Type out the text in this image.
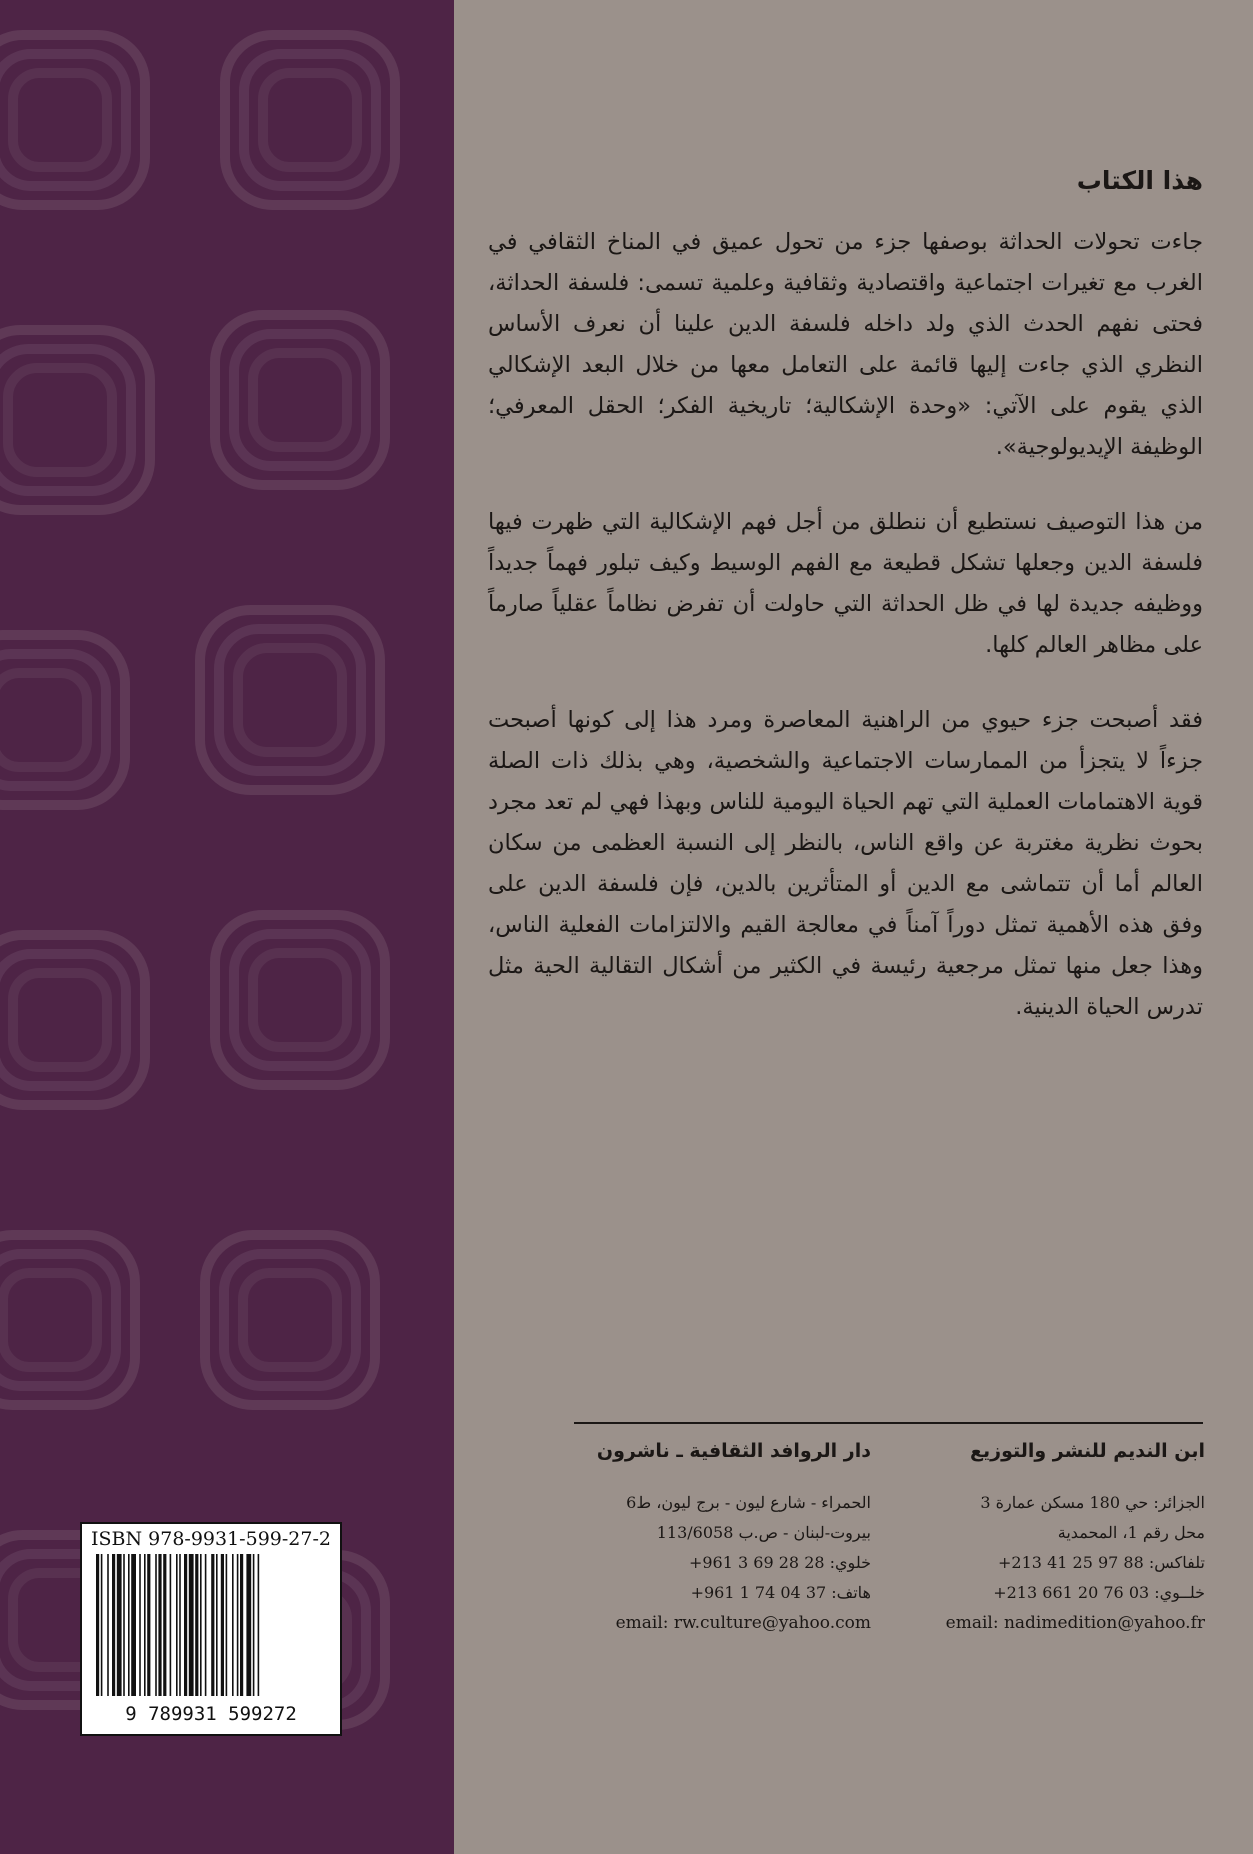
هذا الكتاب

جاءت تحولات الحداثة بوصفها جزء من تحول عميق في المناخ الثقافي في الغرب مع تغيرات اجتماعية واقتصادية وثقافية وعلمية تسمى: فلسفة الحداثة، فحتى نفهم الحدث الذي ولد داخله فلسفة الدين علينا أن نعرف الأساس النظري الذي جاءت إليها قائمة على التعامل معها من خلال البعد الإشكالي الذي يقوم على الآتي: «وحدة الإشكالية؛ تاريخية الفكر؛ الحقل المعرفي؛ الوظيفة الإيديولوجية».

من هذا التوصيف نستطيع أن ننطلق من أجل فهم الإشكالية التي ظهرت فيها فلسفة الدين وجعلها تشكل قطيعة مع الفهم الوسيط وكيف تبلور فهماً جديداً ووظيفه جديدة لها في ظل الحداثة التي حاولت أن تفرض نظاماً عقلياً صارماً على مظاهر العالم كلها.

فقد أصبحت جزء حيوي من الراهنية المعاصرة ومرد هذا إلى كونها أصبحت جزءاً لا يتجزأ من الممارسات الاجتماعية والشخصية، وهي بذلك ذات الصلة قوية الاهتمامات العملية التي تهم الحياة اليومية للناس وبهذا فهي لم تعد مجرد بحوث نظرية مغتربة عن واقع الناس، بالنظر إلى النسبة العظمى من سكان العالم أما أن تتماشى مع الدين أو المتأثرين بالدين، فإن فلسفة الدين على وفق هذه الأهمية تمثل دوراً آمناً في معالجة القيم والالتزامات الفعلية الناس، وهذا جعل منها تمثل مرجعية رئيسة في الكثير من أشكال التقالية الحية مثل تدرس الحياة الدينية.

ابن النديم للنشر والتوزيع
الجزائر: حي 180 مسكن عمارة 3
محل رقم 1، المحمدية
تلفاكس: 88 97 25 41 213+
خلــوي: 03 76 20 661 213+
email: nadimedition@yahoo.fr
دار الروافد الثقافية ـ ناشرون
الحمراء - شارع ليون - برج ليون، ط6
بيروت-لبنان - ص.ب 113/6058
خلوي: 28 28 69 3 961+
هاتف: 37 04 74 1 961+
email: rw.culture@yahoo.com
ISBN 978-9931-599-27-2
9 789931 599272
